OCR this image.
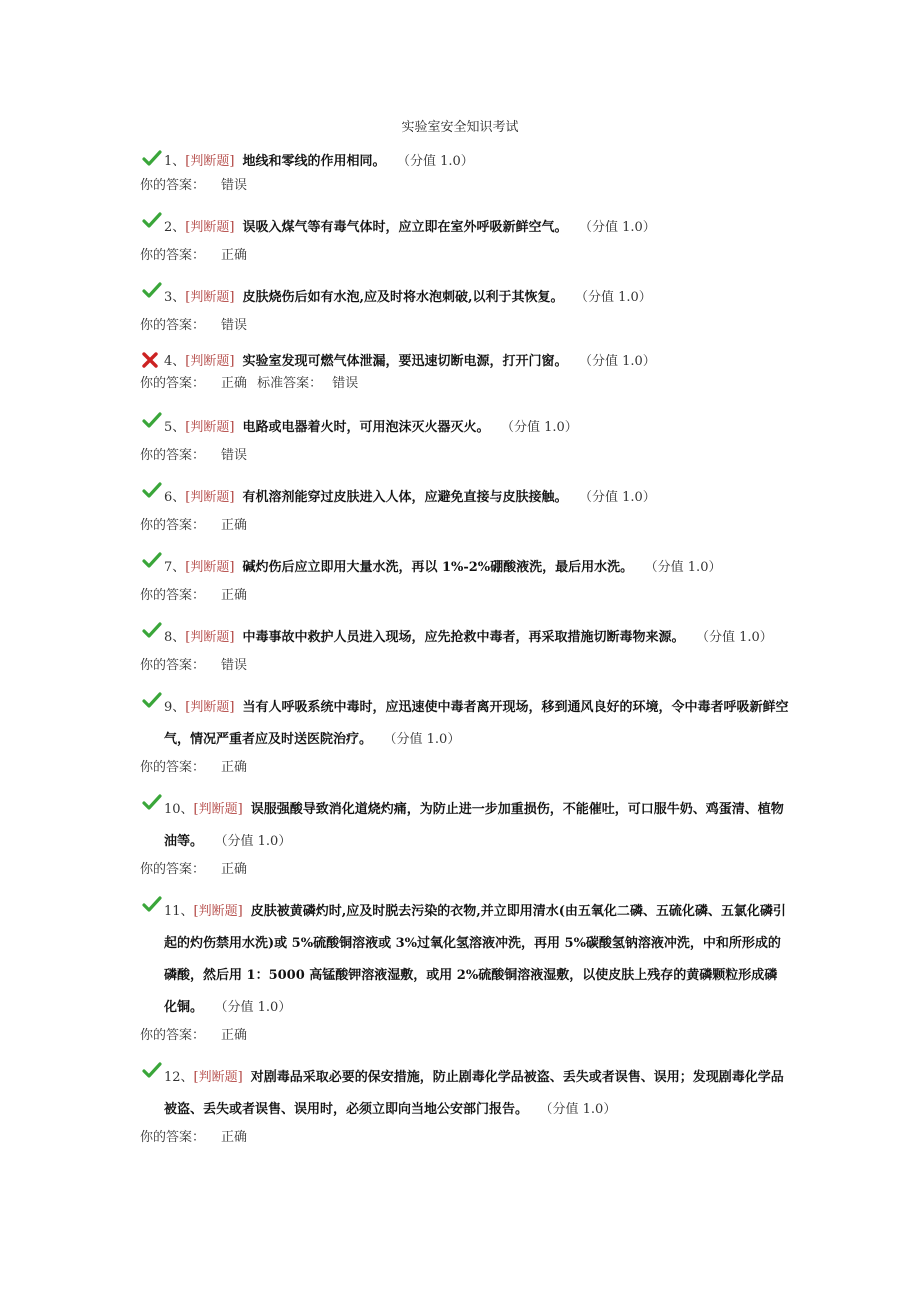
实验室安全知识考试
1、[判断题] 地线和零线的作用相同。 （分值 1.0）
你的答案： 错误
2、[判断题] 误吸入煤气等有毒气体时，应立即在室外呼吸新鲜空气。 （分值 1.0）
你的答案： 正确
3、[判断题] 皮肤烧伤后如有水泡,应及时将水泡刺破,以利于其恢复。 （分值 1.0）
你的答案： 错误
4、[判断题] 实验室发现可燃气体泄漏，要迅速切断电源，打开门窗。 （分值 1.0）
你的答案： 正确 标准答案： 错误
5、[判断题] 电路或电器着火时，可用泡沫灭火器灭火。 （分值 1.0）
你的答案： 错误
6、[判断题] 有机溶剂能穿过皮肤进入人体，应避免直接与皮肤接触。 （分值 1.0）
你的答案： 正确
7、[判断题] 碱灼伤后应立即用大量水洗，再以 1%-2%硼酸液洗，最后用水洗。 （分值 1.0）
你的答案： 正确
8、[判断题] 中毒事故中救护人员进入现场，应先抢救中毒者，再采取措施切断毒物来源。 （分值 1.0）
你的答案： 错误
9、[判断题] 当有人呼吸系统中毒时，应迅速使中毒者离开现场，移到通风良好的环境，令中毒者呼吸新鲜空气，情况严重者应及时送医院治疗。 （分值 1.0）
你的答案： 正确
10、[判断题] 误服强酸导致消化道烧灼痛，为防止进一步加重损伤，不能催吐，可口服牛奶、鸡蛋清、植物油等。 （分值 1.0）
你的答案： 正确
11、[判断题] 皮肤被黄磷灼时,应及时脱去污染的衣物,并立即用清水(由五氧化二磷、五硫化磷、五氯化磷引起的灼伤禁用水洗)或 5%硫酸铜溶液或 3%过氧化氢溶液冲洗，再用 5%碳酸氢钠溶液冲洗，中和所形成的磷酸，然后用 1：5000 高锰酸钾溶液湿敷，或用 2%硫酸铜溶液湿敷，以使皮肤上残存的黄磷颗粒形成磷化铜。 （分值 1.0）
你的答案： 正确
12、[判断题] 对剧毒品采取必要的保安措施，防止剧毒化学品被盗、丢失或者误售、误用；发现剧毒化学品被盗、丢失或者误售、误用时，必须立即向当地公安部门报告。 （分值 1.0）
你的答案： 正确
